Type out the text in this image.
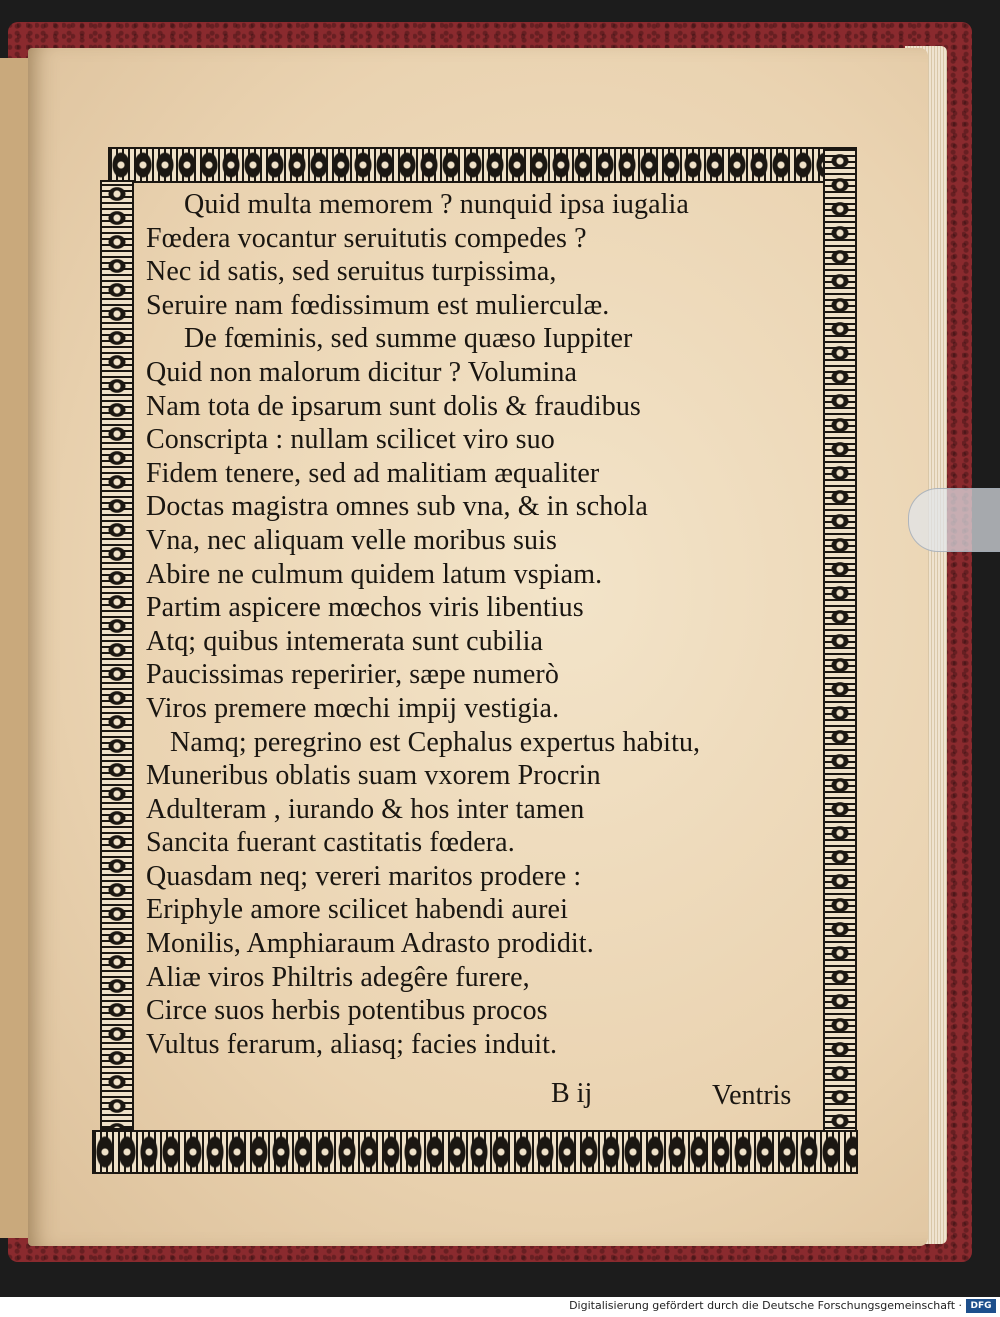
Quid multa memorem ? nunquid ipsa iugalia
Fœdera vocantur seruitutis compedes ?
Nec id satis, sed seruitus turpissima,
Seruire nam fœdissimum est mulierculæ.
De fœminis, sed summe quæso Iuppiter
Quid non malorum dicitur ? Volumina
Nam tota de ipsarum sunt dolis & fraudibus
Conscripta : nullam scilicet viro suo
Fidem tenere, sed ad malitiam æqualiter
Doctas magistra omnes sub vna, & in schola
Vna, nec aliquam velle moribus suis
Abire ne culmum quidem latum vspiam.
Partim aspicere mœchos viris libentius
Atq; quibus intemerata sunt cubilia
Paucissimas reperirier, sæpe numerò
Viros premere mœchi impij vestigia.
Namq; peregrino est Cephalus expertus habitu,
Muneribus oblatis suam vxorem Procrin
Adulteram , iurando & hos inter tamen
Sancita fuerant castitatis fœdera.
Quasdam neq; vereri maritos prodere :
Eriphyle amore scilicet habendi aurei
Monilis, Amphiaraum Adrasto prodidit.
Aliæ viros Philtris adegêre furere,
Circe suos herbis potentibus procos
Vultus ferarum, aliasq; facies induit.
B ij	Ventris
Digitalisierung gefördert durch die Deutsche Forschungsgemeinschaft · DFG
